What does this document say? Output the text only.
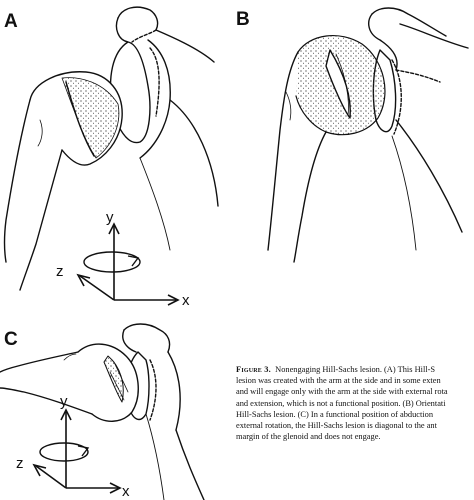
A	B
C
y
x
z
y
x
z
Figure 3. Nonengaging Hill-Sachs lesion. (A) This Hill-S
lesion was created with the arm at the side and in some exten
and will engage only with the arm at the side with external rota
and extension, which is not a functional position. (B) Orientati
Hill-Sachs lesion. (C) In a functional position of abduction
external rotation, the Hill-Sachs lesion is diagonal to the ant
margin of the glenoid and does not engage.
